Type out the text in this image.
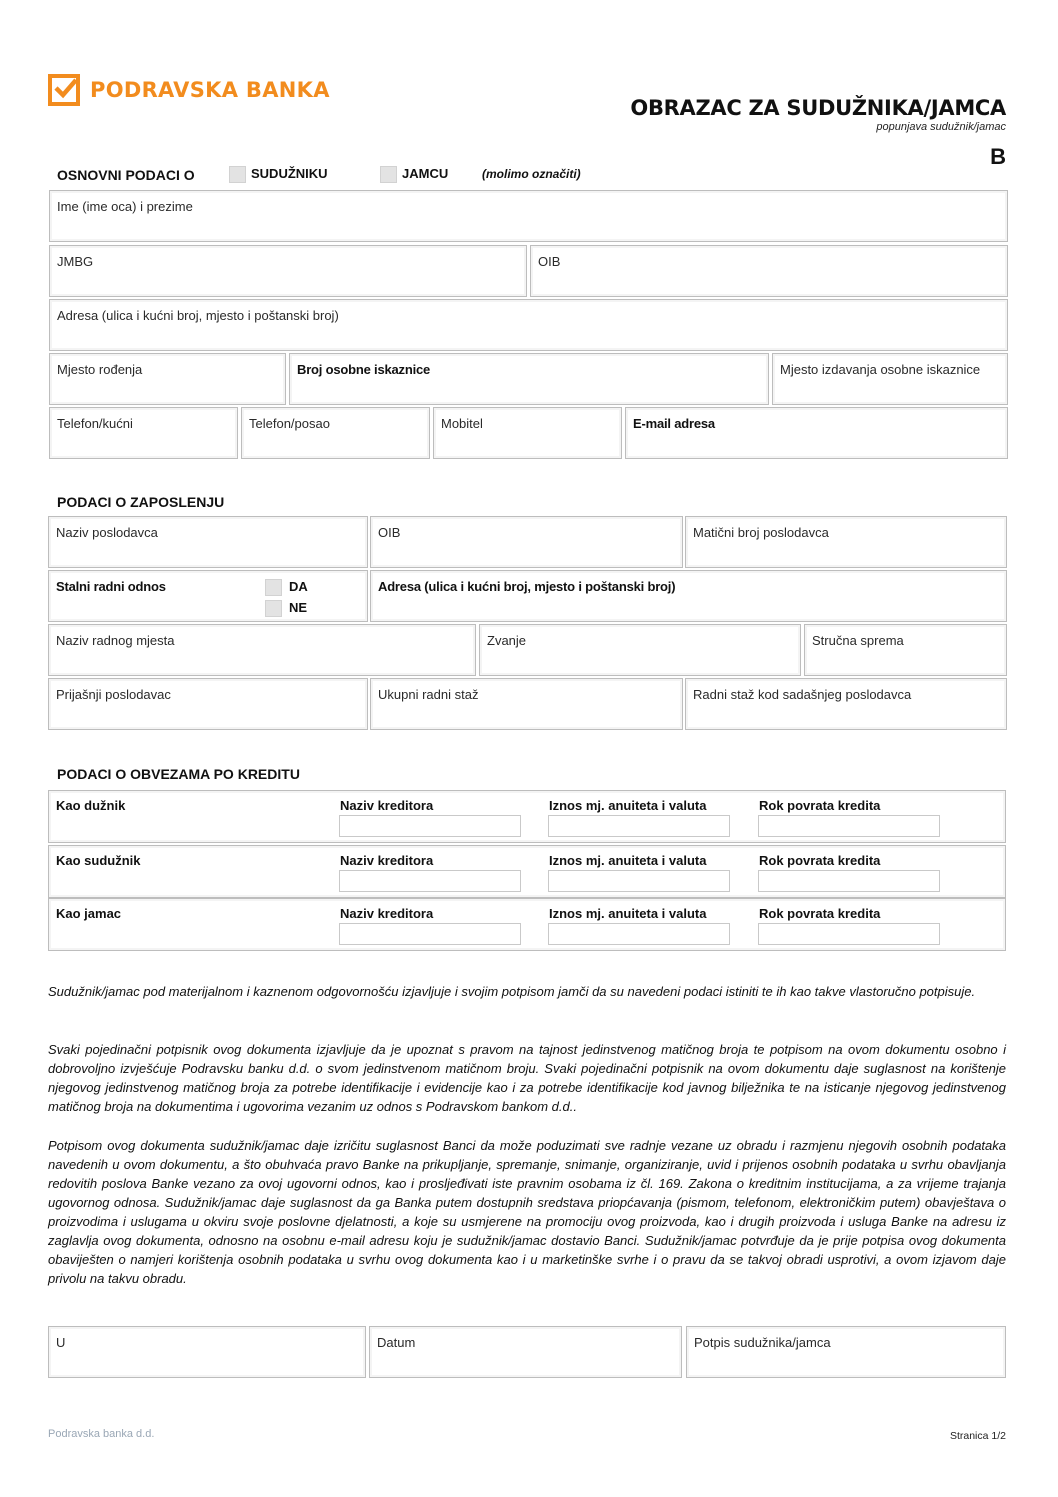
PODRAVSKA BANKA
OBRAZAC ZA SUDUŽNIKA/JAMCA
popunjava sudužnik/jamac
B
OSNOVNI PODACI O	SUDUŽNIKU	JAMCU	(molimo označiti)
Ime (ime oca) i prezime
JMBG	OIB
Adresa (ulica i kućni broj, mjesto i poštanski broj)
Mjesto rođenja	Broj osobne iskaznice	Mjesto izdavanja osobne iskaznice
Telefon/kućni	Telefon/posao	Mobitel	E-mail adresa
PODACI O ZAPOSLENJU
Naziv poslodavca	OIB	Matični broj poslodavca
Stalni radni odnos	DA
NE
Adresa (ulica i kućni broj, mjesto i poštanski broj)
Naziv radnog mjesta	Zvanje	Stručna sprema
Prijašnji poslodavac	Ukupni radni staž	Radni staž kod sadašnjeg poslodavca
PODACI O OBVEZAMA PO KREDITU
Kao dužnik	Naziv kreditora	Iznos mj. anuiteta i valuta	Rok povrata kredita
Kao sudužnik	Naziv kreditora	Iznos mj. anuiteta i valuta	Rok povrata kredita
Kao jamac	Naziv kreditora	Iznos mj. anuiteta i valuta	Rok povrata kredita
Sudužnik/jamac pod materijalnom i kaznenom odgovornošću izjavljuje i svojim potpisom jamči da su navedeni podaci istiniti te ih kao takve vlastoručno potpisuje.
Svaki pojedinačni potpisnik ovog dokumenta izjavljuje da je upoznat s pravom na tajnost jedinstvenog matičnog broja te potpisom na ovom dokumentu osobno i dobrovoljno izvješćuje Podravsku banku d.d. o svom jedinstvenom matičnom broju. Svaki pojedinačni potpisnik na ovom dokumentu daje suglasnost na korištenje njegovog jedinstvenog matičnog broja za potrebe identifikacije i evidencije kao i za potrebe identifikacije kod javnog bilježnika te na isticanje njegovog jedinstvenog matičnog broja na dokumentima i ugovorima vezanim uz odnos s Podravskom bankom d.d..
Potpisom ovog dokumenta sudužnik/jamac daje izričitu suglasnost Banci da može poduzimati sve radnje vezane uz obradu i razmjenu njegovih osobnih podataka navedenih u ovom dokumentu, a što obuhvaća pravo Banke na prikupljanje, spremanje, snimanje, organiziranje, uvid i prijenos osobnih podataka u svrhu obavljanja redovitih poslova Banke vezano za ovoj ugovorni odnos, kao i prosljeđivati iste pravnim osobama iz čl. 169. Zakona o kreditnim institucijama, a za vrijeme trajanja ugovornog odnosa. Sudužnik/jamac daje suglasnost da ga Banka putem dostupnih sredstava priopćavanja (pismom, telefonom, elektroničkim putem) obavještava o proizvodima i uslugama u okviru svoje poslovne djelatnosti, a koje su usmjerene na promociju ovog proizvoda, kao i drugih proizvoda i usluga Banke na adresu iz zaglavlja ovog dokumenta, odnosno na osobnu e-mail adresu koju je sudužnik/jamac dostavio Banci. Sudužnik/jamac potvrđuje da je prije potpisa ovog dokumenta obaviješten o namjeri korištenja osobnih podataka u svrhu ovog dokumenta kao i u marketinške svrhe i o pravu da se takvoj obradi usprotivi, a ovom izjavom daje privolu na takvu obradu.
U	Datum	Potpis sudužnika/jamca
Podravska banka d.d.	Stranica 1/2
